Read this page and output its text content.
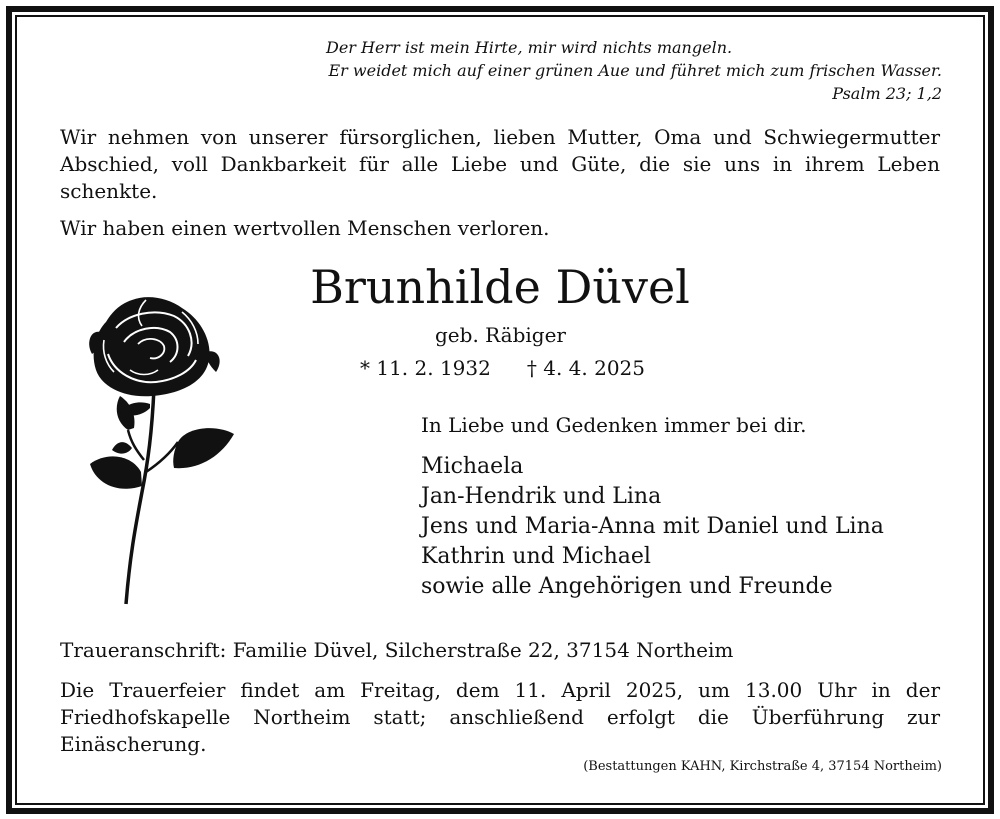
Der Herr ist mein Hirte, mir wird nichts mangeln.
Er weidet mich auf einer grünen Aue und führet mich zum frischen Wasser.
Psalm 23; 1,2

Wir nehmen von unserer fürsorglichen, lieben Mutter, Oma und Schwiegermutter Abschied, voll Dankbarkeit für alle Liebe und Güte, die sie uns in ihrem Leben schenkte.

Wir haben einen wertvollen Menschen verloren.

Brunhilde Düvel
geb. Räbiger
* 11. 2. 1932 † 4. 4. 2025
In Liebe und Gedenken immer bei dir.
Michaela
Jan-Hendrik und Lina
Jens und Maria-Anna mit Daniel und Lina
Kathrin und Michael
sowie alle Angehörigen und Freunde

Traueranschrift: Familie Düvel, Silcherstraße 22, 37154 Northeim

Die Trauerfeier findet am Freitag, dem 11. April 2025, um 13.00 Uhr in der Friedhofskapelle Northeim statt; anschließend erfolgt die Überführung zur Einäscherung.

(Bestattungen KAHN, Kirchstraße 4, 37154 Northeim)
